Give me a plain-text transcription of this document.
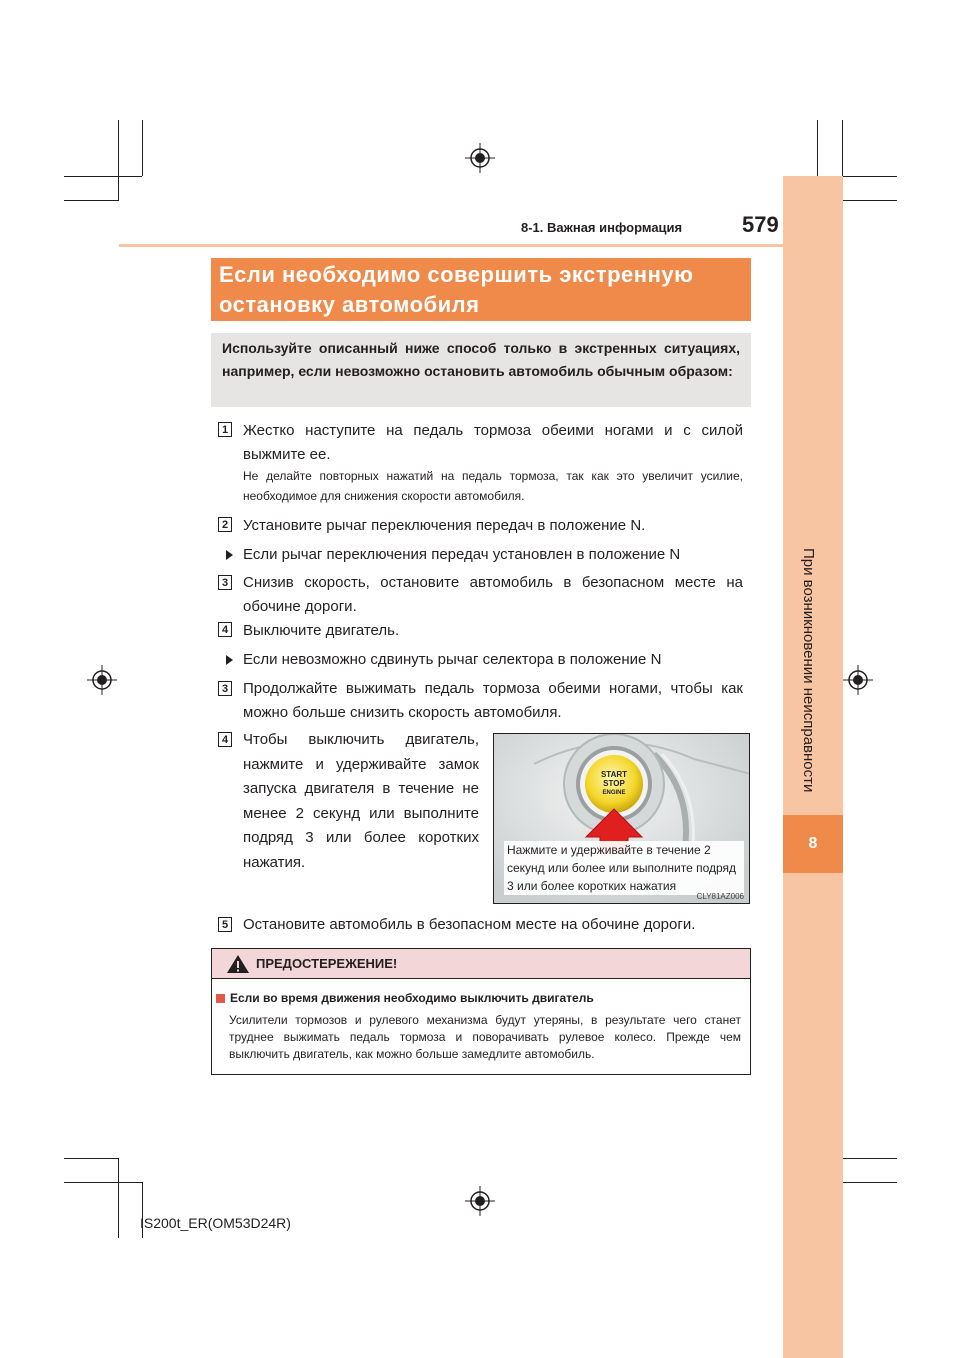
При возникновении неисправности
8
8-1. Важная информация	579
Если необходимо совершить экстренную
остановку автомобиля
Используйте описанный ниже способ только в экстренных ситуациях, например, если невозможно остановить автомобиль обычным образом:
1 Жестко наступите на педаль тормоза обеими ногами и с силой выжмите ее.
Не делайте повторных нажатий на педаль тормоза, так как это увеличит усилие, необходимое для снижения скорости автомобиля.
2 Установите рычаг переключения передач в положение N.
Если рычаг переключения передач установлен в положение N
3 Снизив скорость, остановите автомобиль в безопасном месте на обочине дороги.
4 Выключите двигатель.
Если невозможно сдвинуть рычаг селектора в положение N
3 Продолжайте выжимать педаль тормоза обеими ногами, чтобы как можно больше снизить скорость автомобиля.
4 Чтобы выключить двигатель, нажмите и удерживайте замок запуска двигателя в течение не менее 2 секунд или выполните подряд 3 или более коротких нажатия.
START
STOP
ENGINE
Нажмите и удерживайте в течение 2 секунд или более или выполните подряд 3 или более коротких нажатия
CLY81AZ006
5 Остановите автомобиль в безопасном месте на обочине дороги.
ПРЕДОСТЕРЕЖЕНИЕ!
Если во время движения необходимо выключить двигатель
Усилители тормозов и рулевого механизма будут утеряны, в результате чего станет труднее выжимать педаль тормоза и поворачивать рулевое колесо. Прежде чем выключить двигатель, как можно больше замедлите автомобиль.
IS200t_ER(OM53D24R)
